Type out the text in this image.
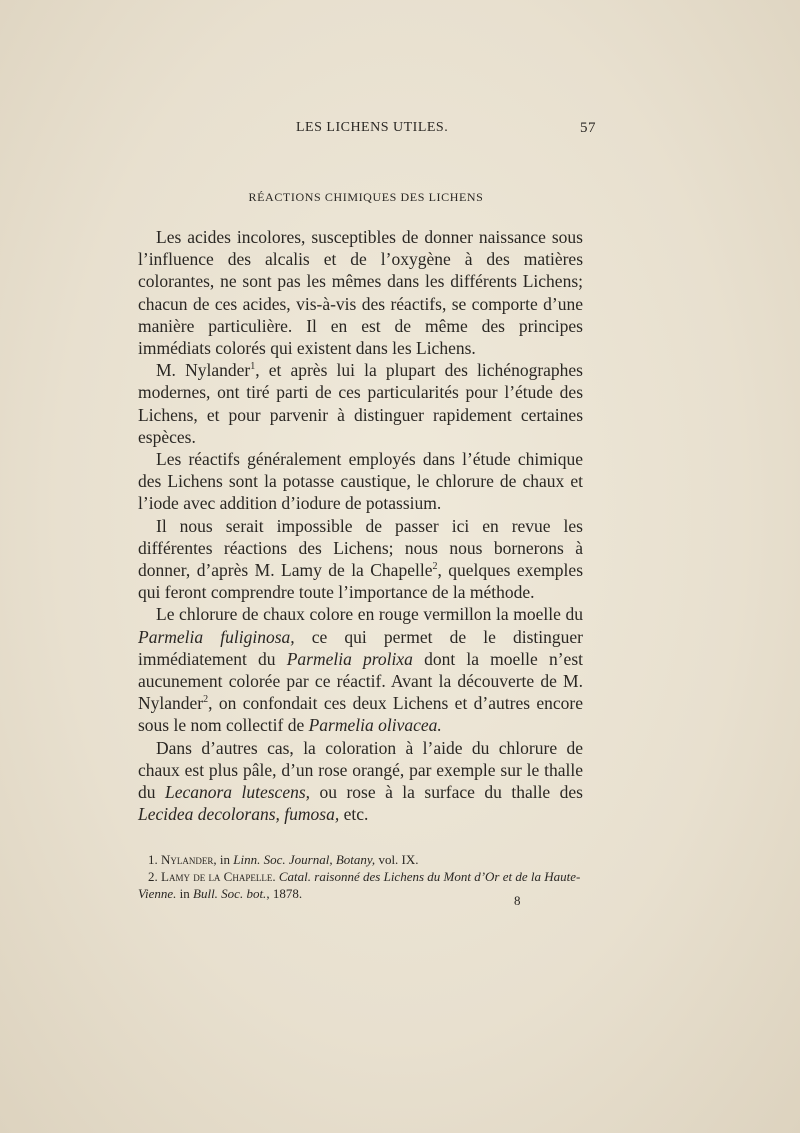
LES LICHENS UTILES.	57
RÉACTIONS CHIMIQUES DES LICHENS

Les acides incolores, susceptibles de donner naissance sous l’influence des alcalis et de l’oxygène à des matières colorantes, ne sont pas les mêmes dans les différents Lichens; chacun de ces acides, vis-à-vis des réactifs, se comporte d’une manière particulière. Il en est de même des principes immédiats colorés qui existent dans les Lichens.

M. Nylander$^1$, et après lui la plupart des lichénographes modernes, ont tiré parti de ces particularités pour l’étude des Lichens, et pour parvenir à distinguer rapidement certaines espèces.

Les réactifs généralement employés dans l’étude chimique des Lichens sont la potasse caustique, le chlorure de chaux et l’iode avec addition d’iodure de potassium.

Il nous serait impossible de passer ici en revue les différentes réactions des Lichens; nous nous bornerons à donner, d’après M. Lamy de la Chapelle$^2$, quelques exemples qui feront comprendre toute l’importance de la méthode.

Le chlorure de chaux colore en rouge vermillon la moelle du Parmelia fuliginosa, ce qui permet de le distinguer immédiatement du Parmelia prolixa dont la moelle n’est aucunement colorée par ce réactif. Avant la découverte de M. Nylander$^2$, on confondait ces deux Lichens et d’autres encore sous le nom collectif de Parmelia olivacea.

Dans d’autres cas, la coloration à l’aide du chlorure de chaux est plus pâle, d’un rose orangé, par exemple sur le thalle du Lecanora lutescens, ou rose à la surface du thalle des Lecidea decolorans, fumosa, etc.

1. Nylander, in Linn. Soc. Journal, Botany, vol. IX.

2. Lamy de la Chapelle. Catal. raisonné des Lichens du Mont d’Or et de la Haute-Vienne. in Bull. Soc. bot., 1878.	8
